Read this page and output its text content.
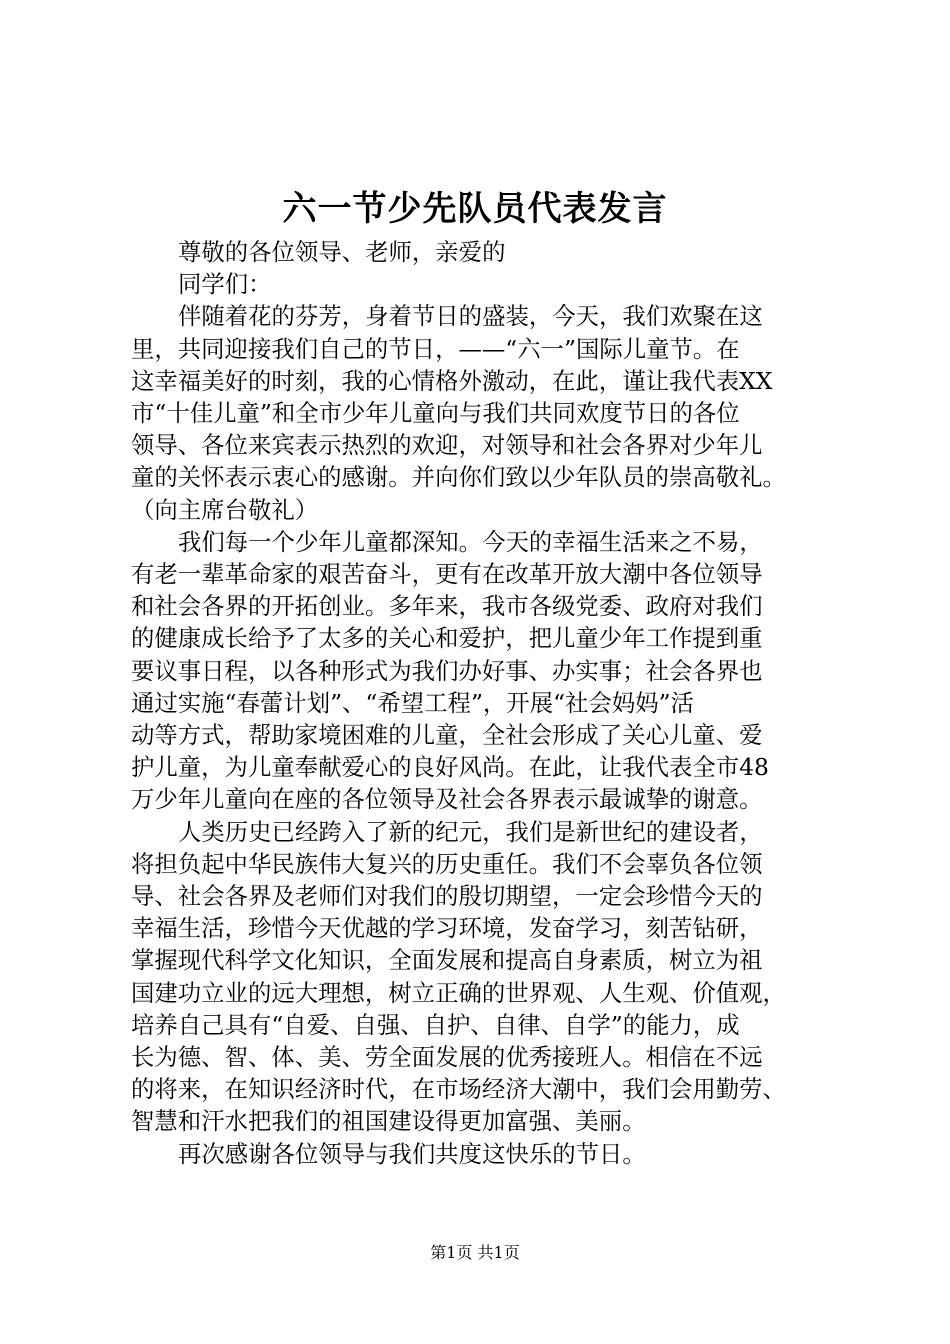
六一节少先队员代表发言
尊敬的各位领导、老师，亲爱的
同学们：
伴随着花的芬芳，身着节日的盛装，今天，我们欢聚在这
里，共同迎接我们自己的节日，——“六一”国际儿童节。在
这幸福美好的时刻，我的心情格外激动，在此，谨让我代表XX
市“十佳儿童”和全市少年儿童向与我们共同欢度节日的各位
领导、各位来宾表示热烈的欢迎，对领导和社会各界对少年儿
童的关怀表示衷心的感谢。并向你们致以少年队员的崇高敬礼。
（向主席台敬礼）
我们每一个少年儿童都深知。今天的幸福生活来之不易，
有老一辈革命家的艰苦奋斗，更有在改革开放大潮中各位领导
和社会各界的开拓创业。多年来，我市各级党委、政府对我们
的健康成长给予了太多的关心和爱护，把儿童少年工作提到重
要议事日程，以各种形式为我们办好事、办实事；社会各界也
通过实施“春蕾计划”、“希望工程”，开展“社会妈妈”活
动等方式，帮助家境困难的儿童，全社会形成了关心儿童、爱
护儿童，为儿童奉献爱心的良好风尚。在此，让我代表全市48
万少年儿童向在座的各位领导及社会各界表示最诚挚的谢意。
人类历史已经跨入了新的纪元，我们是新世纪的建设者，
将担负起中华民族伟大复兴的历史重任。我们不会辜负各位领
导、社会各界及老师们对我们的殷切期望，一定会珍惜今天的
幸福生活，珍惜今天优越的学习环境，发奋学习，刻苦钻研，
掌握现代科学文化知识，全面发展和提高自身素质，树立为祖
国建功立业的远大理想，树立正确的世界观、人生观、价值观，
培养自己具有“自爱、自强、自护、自律、自学”的能力，成
长为德、智、体、美、劳全面发展的优秀接班人。相信在不远
的将来，在知识经济时代，在市场经济大潮中，我们会用勤劳、
智慧和汗水把我们的祖国建设得更加富强、美丽。
再次感谢各位领导与我们共度这快乐的节日。
第1页 共1页
